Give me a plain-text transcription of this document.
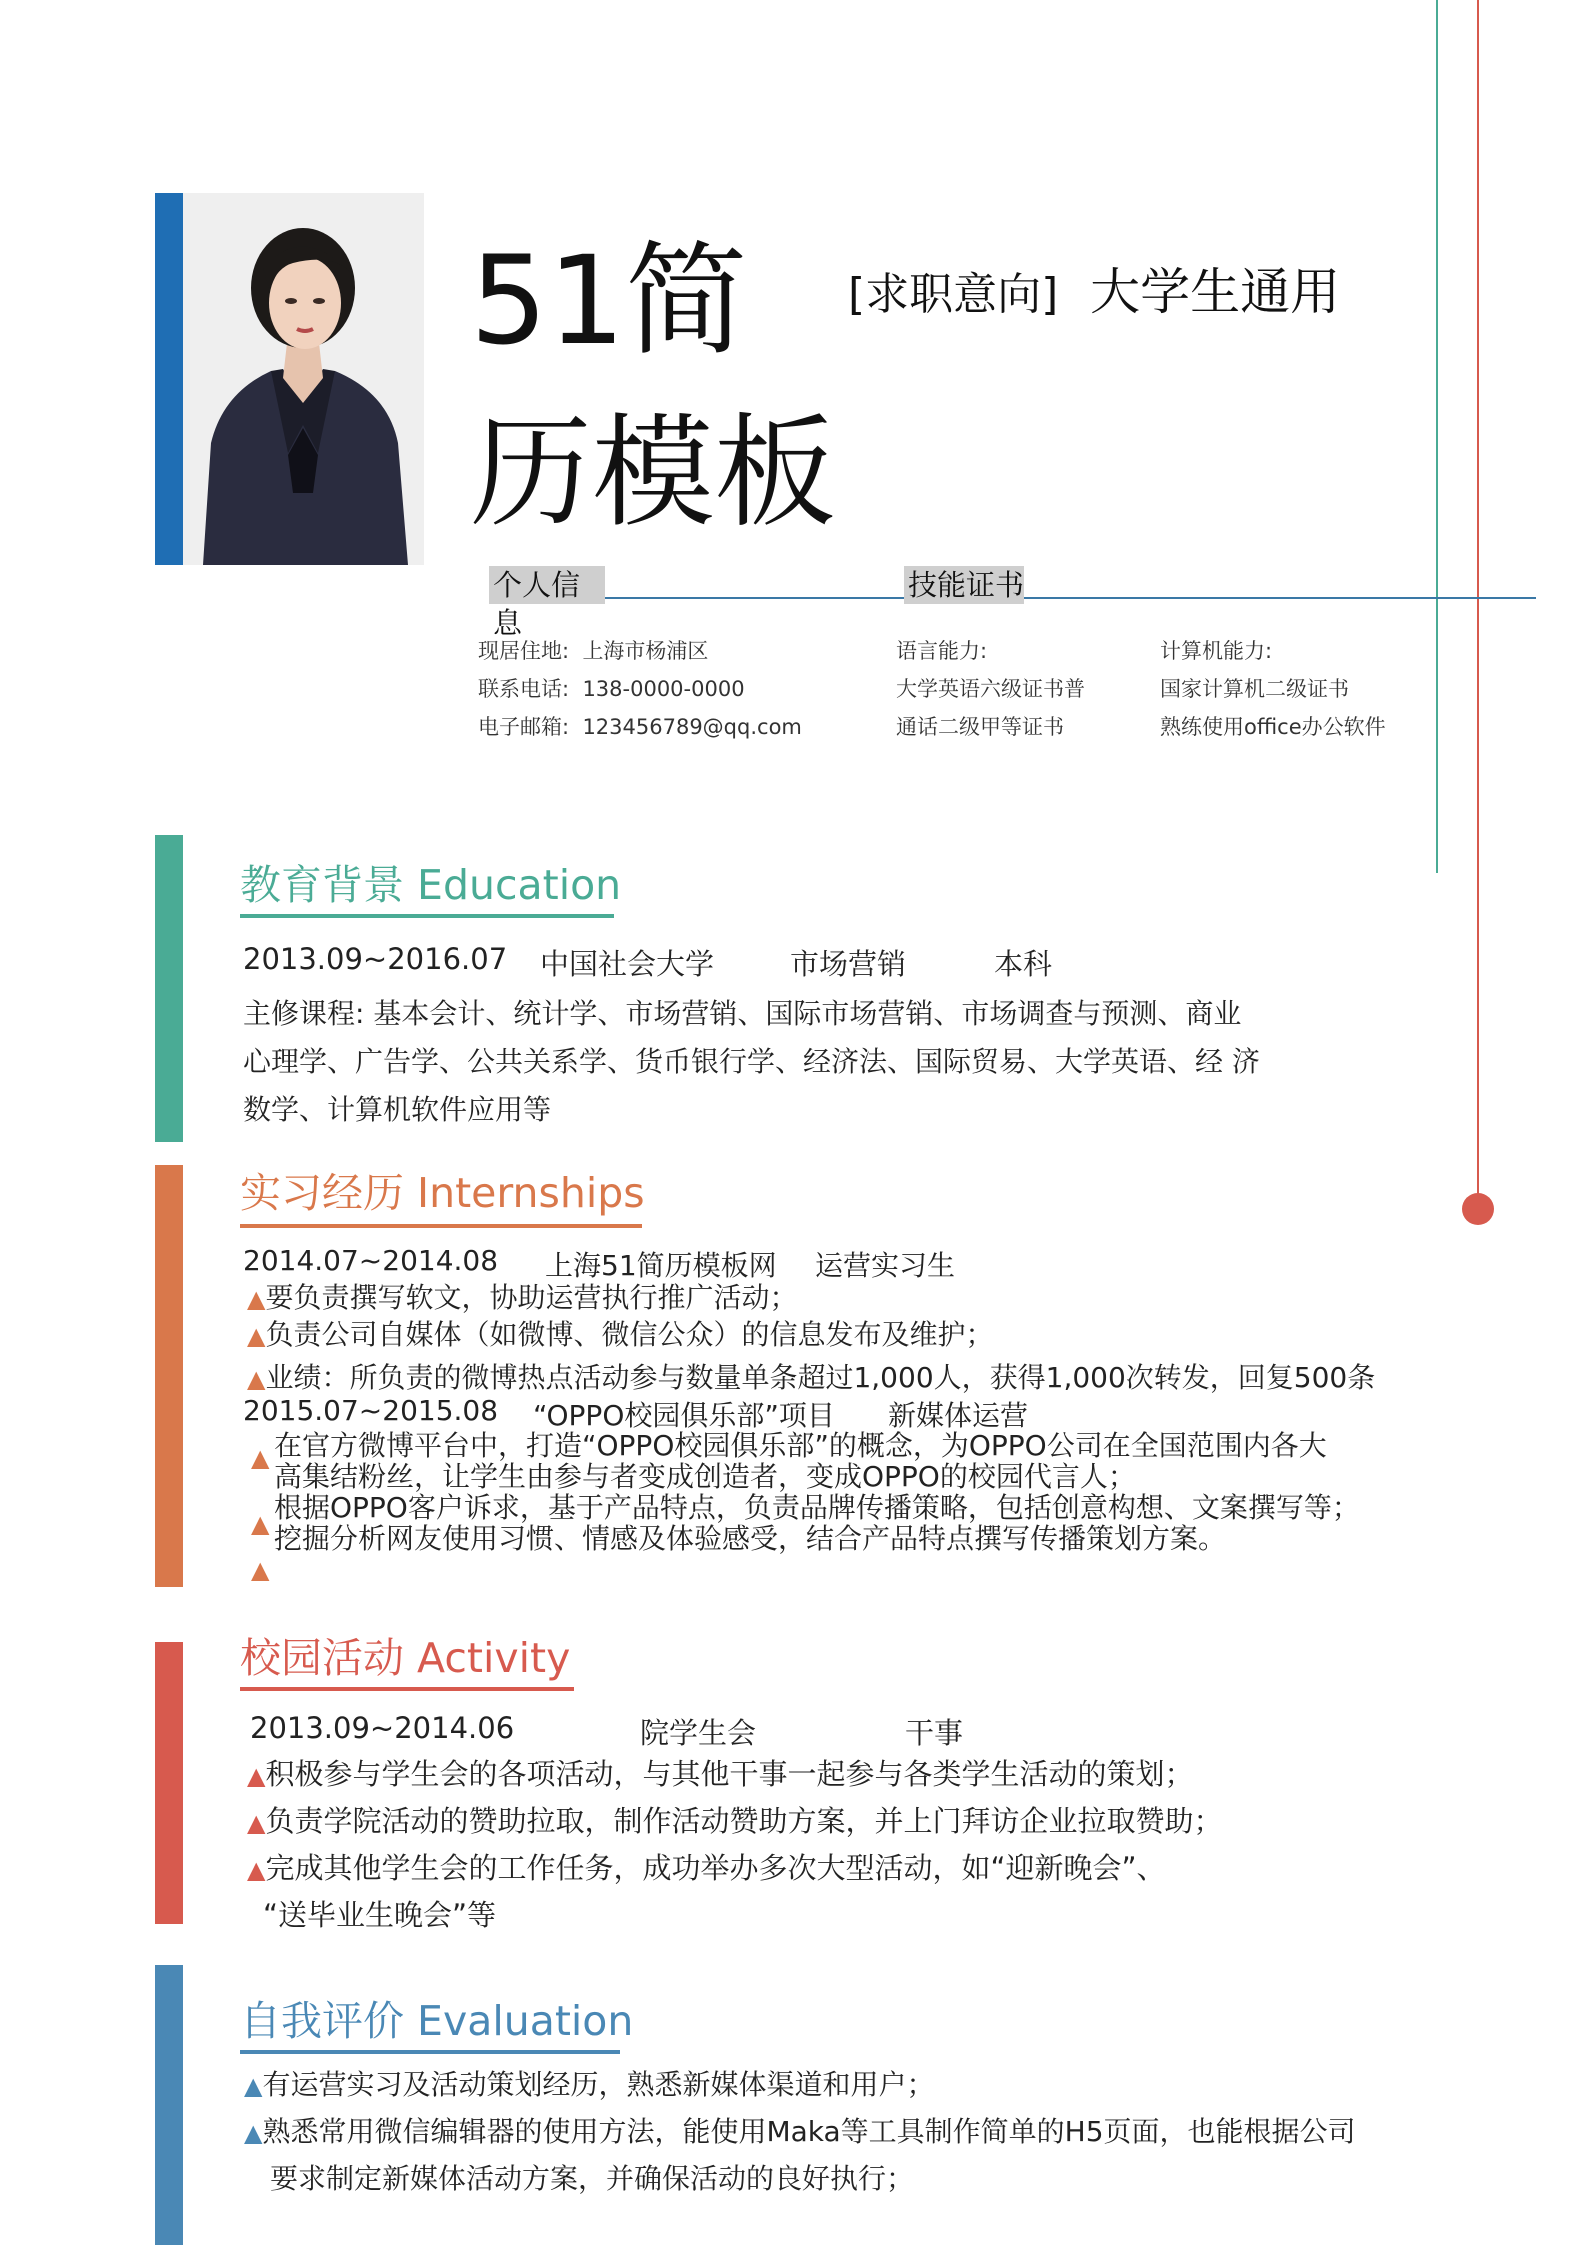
51简
历模板
[求职意向] 大学生通用
个人信息
技能证书
现居住地: 上海市杨浦区
联系电话: 138-0000-0000
电子邮箱: 123456789@qq.com
语言能力:
大学英语六级证书普
通话二级甲等证书
计算机能力:
国家计算机二级证书
熟练使用office办公软件
教育背景 Education
2013.09~2016.07 中国社会大学	市场营销	本科
主修课程: 基本会计、统计学、市场营销、国际市场营销、市场调查与预测、商业
心理学、广告学、公共关系学、货币银行学、经济法、国际贸易、大学英语、经 济
数学、计算机软件应用等
实习经历 Internships
2014.07~2014.08 上海51简历模板网 运营实习生
▲要负责撰写软文，协助运营执行推广活动；
▲负责公司自媒体（如微博、微信公众）的信息发布及维护；
▲业绩：所负责的微博热点活动参与数量单条超过1,000人，获得1,000次转发，回复500条
2015.07~2015.08 “OPPO校园俱乐部”项目 新媒体运营
▲
▲
▲
在官方微博平台中，打造“OPPO校园俱乐部”的概念，为OPPO公司在全国范围内各大
高集结粉丝，让学生由参与者变成创造者，变成OPPO的校园代言人；
根据OPPO客户诉求，基于产品特点，负责品牌传播策略，包括创意构想、文案撰写等；
挖掘分析网友使用习惯、情感及体验感受，结合产品特点撰写传播策划方案。
校园活动 Activity
2013.09~2014.06	院学生会	干事
▲积极参与学生会的各项活动，与其他干事一起参与各类学生活动的策划；
▲负责学院活动的赞助拉取，制作活动赞助方案，并上门拜访企业拉取赞助；
▲完成其他学生会的工作任务，成功举办多次大型活动，如“迎新晚会”、
“送毕业生晚会”等
自我评价 Evaluation
▲有运营实习及活动策划经历，熟悉新媒体渠道和用户；
▲熟悉常用微信编辑器的使用方法，能使用Maka等工具制作简单的H5页面，也能根据公司
要求制定新媒体活动方案，并确保活动的良好执行；
